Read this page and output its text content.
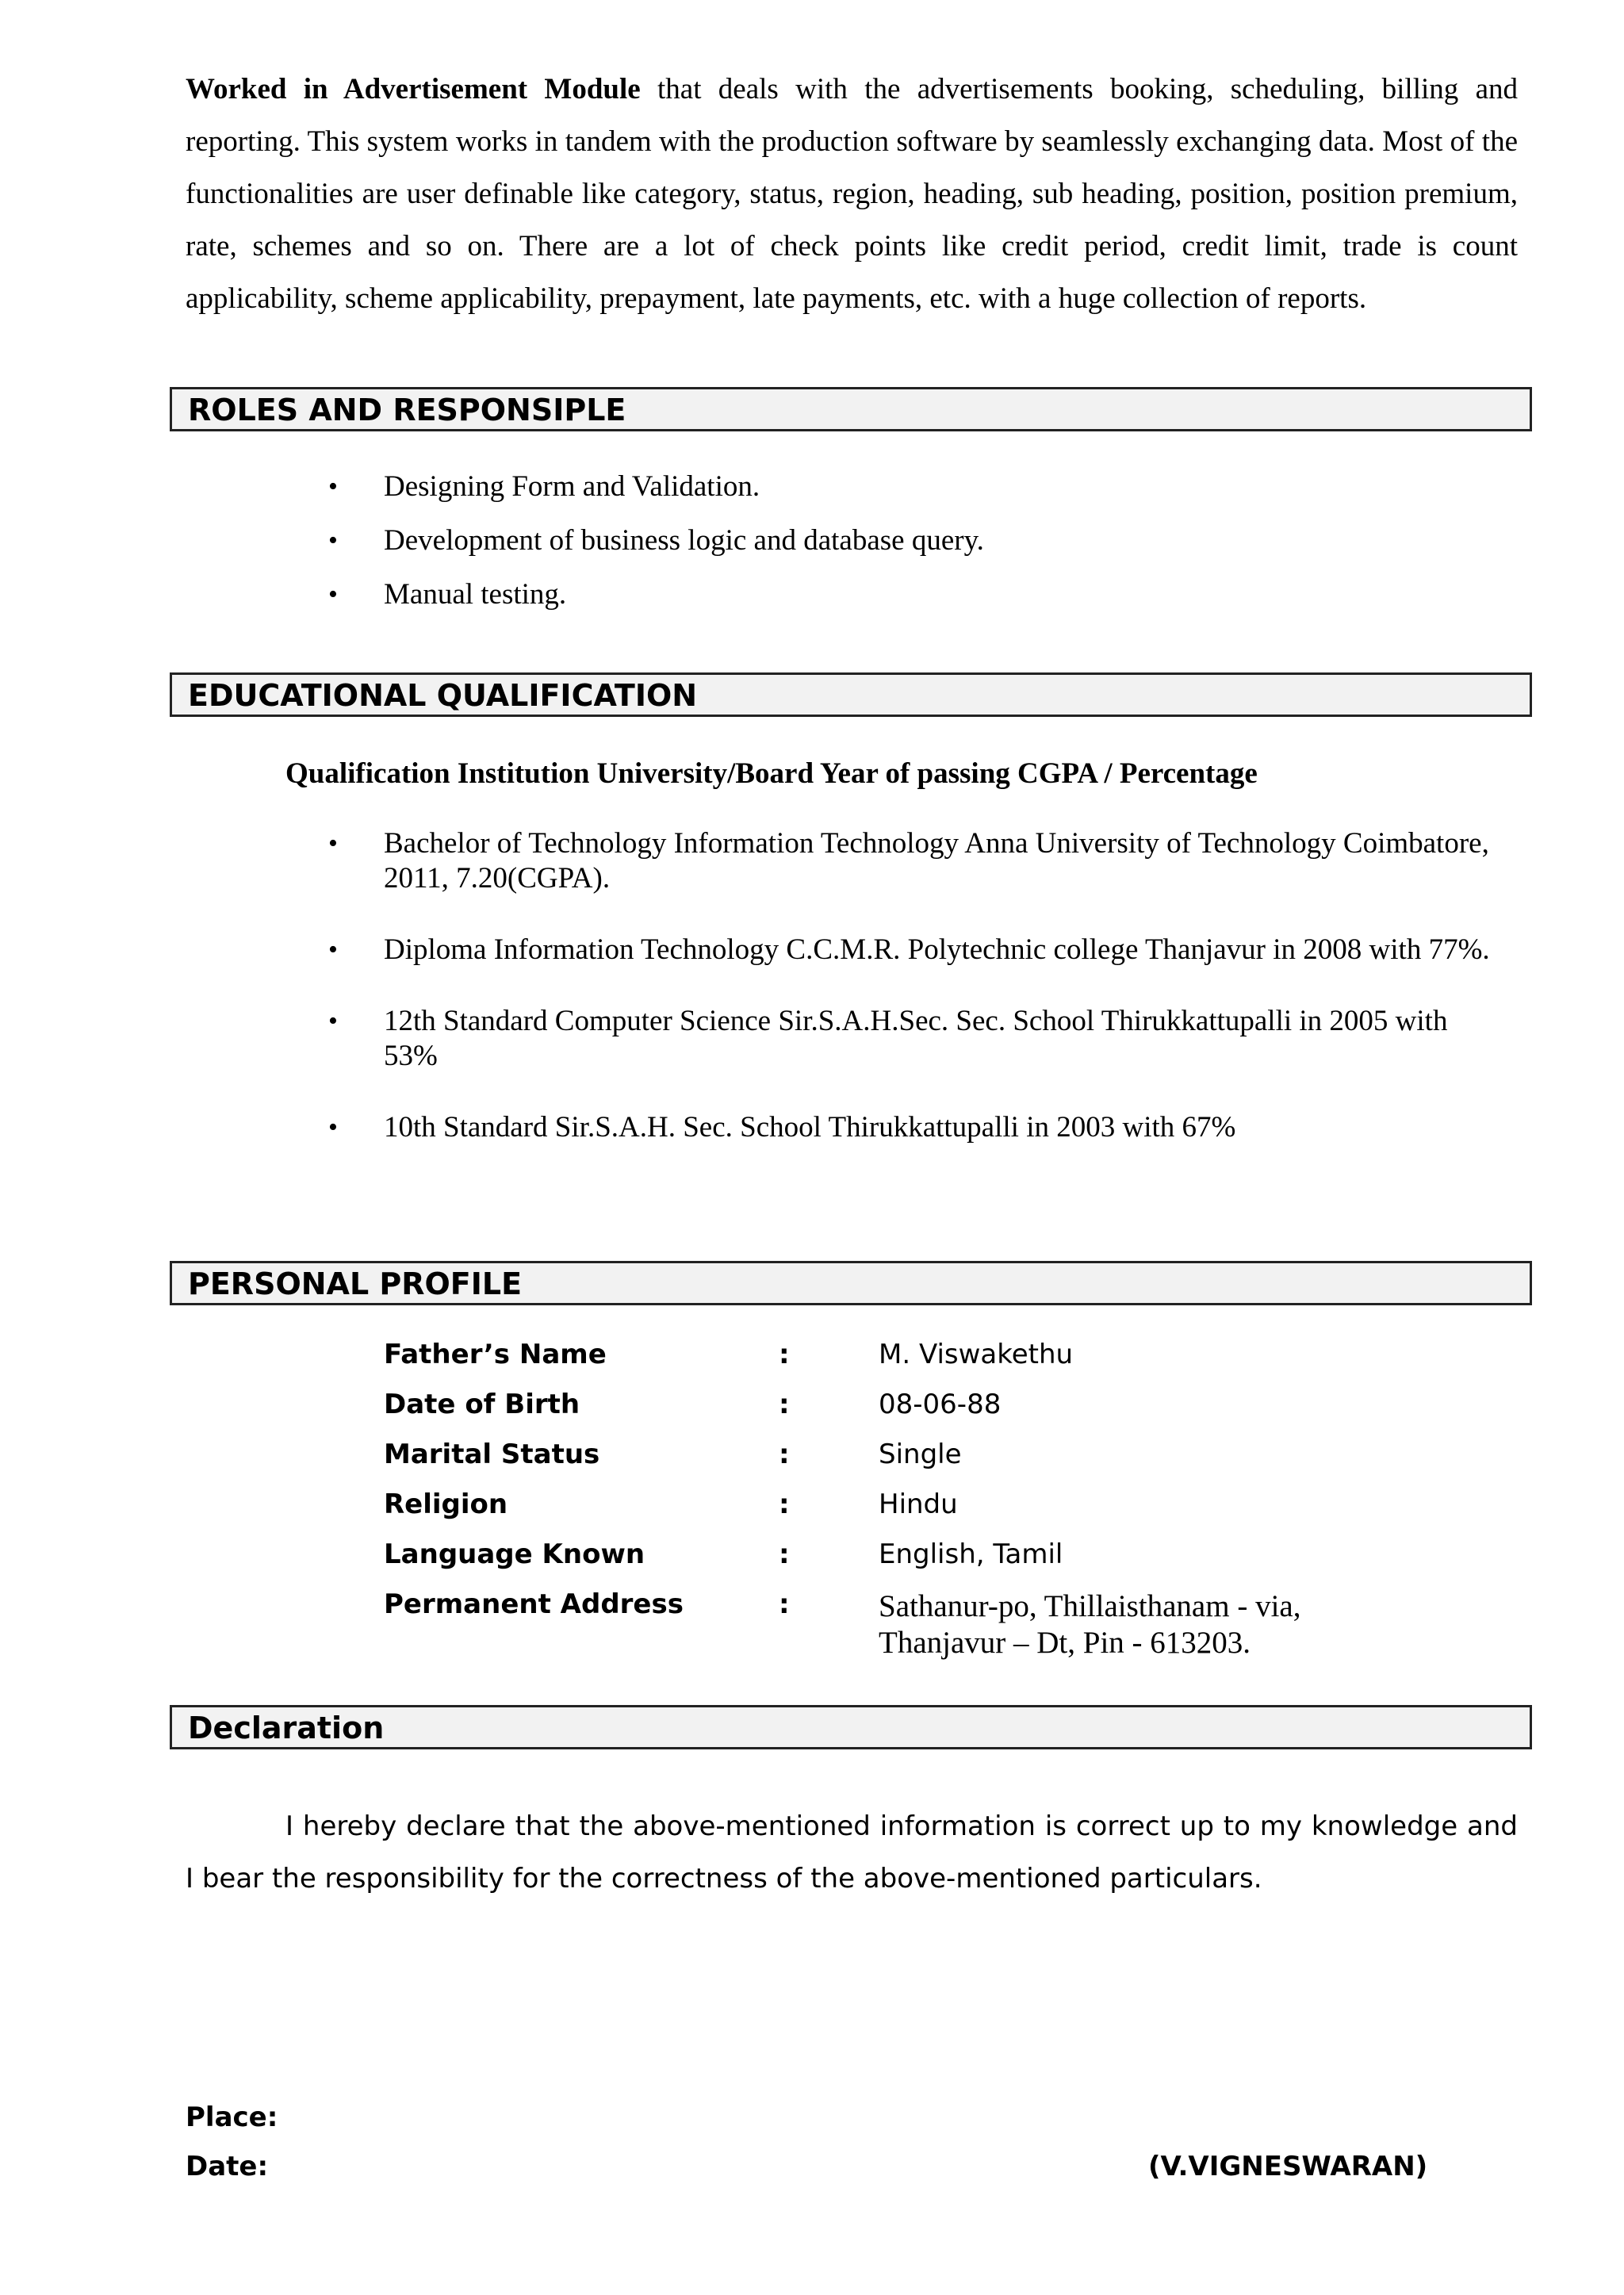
Worked in Advertisement Module that deals with the advertisements booking, scheduling, billing and reporting. This system works in tandem with the production software by seamlessly exchanging data. Most of the functionalities are user definable like category, status, region, heading, sub heading, position, position premium, rate, schemes and so on. There are a lot of check points like credit period, credit limit, trade is count applicability, scheme applicability, prepayment, late payments, etc. with a huge collection of reports.

ROLES AND RESPONSIPLE
• Designing Form and Validation.
• Development of business logic and database query.
• Manual testing.
EDUCATIONAL QUALIFICATION
Qualification Institution University/Board Year of passing CGPA / Percentage
• Bachelor of Technology Information Technology Anna University of Technology Coimbatore, 2011, 7.20(CGPA).
• Diploma Information Technology C.C.M.R. Polytechnic college Thanjavur in 2008 with 77%.
• 12th Standard Computer Science Sir.S.A.H.Sec. Sec. School Thirukkattupalli in 2005 with 53%
• 10th Standard Sir.S.A.H. Sec. School Thirukkattupalli in 2003 with 67%
PERSONAL PROFILE
Father’s Name	:	M. Viswakethu
Date of Birth	:	08-06-88
Marital Status	:	Single
Religion	:	Hindu
Language Known	:	English, Tamil
Permanent Address	:	Sathanur-po, Thillaisthanam - via,
Thanjavur – Dt, Pin - 613203.
Declaration

I hereby declare that the above-mentioned information is correct up to my knowledge and I bear the responsibility for the correctness of the above-mentioned particulars.

Place:
Date:	(V.VIGNESWARAN)
